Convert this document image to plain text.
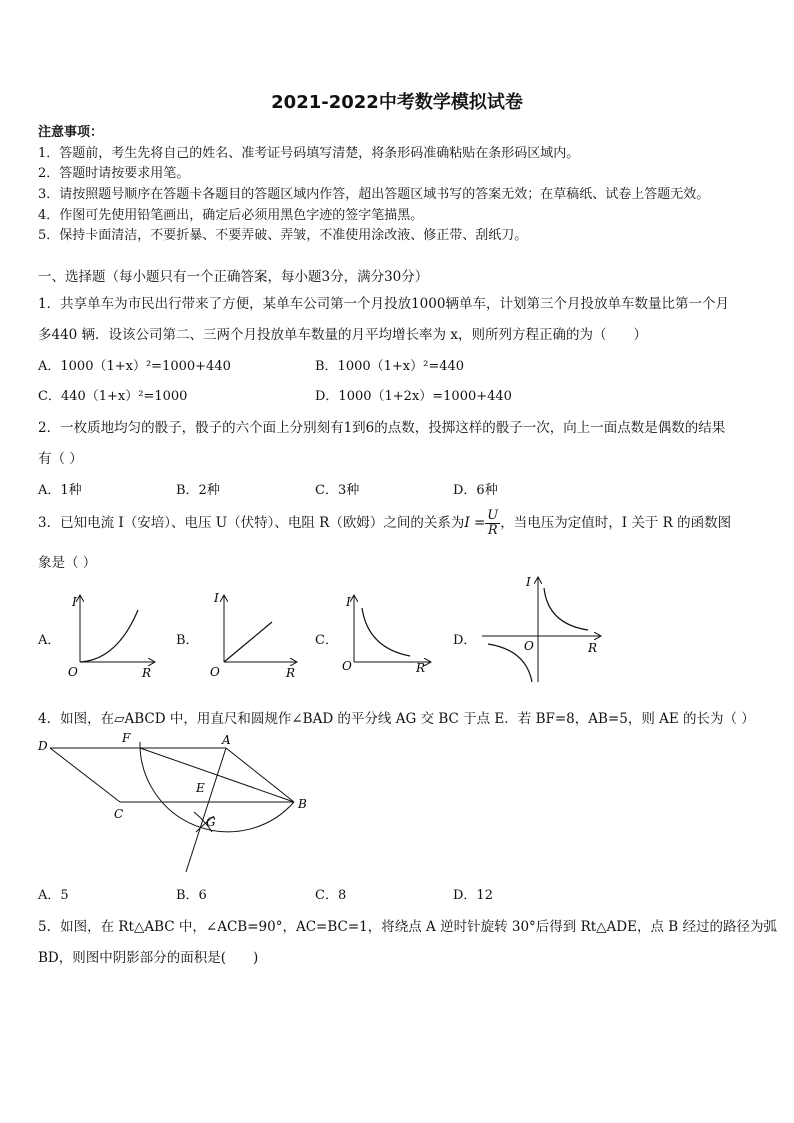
2021-2022中考数学模拟试卷
注意事项：
1．答题前，考生先将自己的姓名、准考证号码填写清楚，将条形码准确粘贴在条形码区域内。
2．答题时请按要求用笔。
3．请按照题号顺序在答题卡各题目的答题区域内作答，超出答题区域书写的答案无效；在草稿纸、试卷上答题无效。
4．作图可先使用铅笔画出，确定后必须用黑色字迹的签字笔描黑。
5．保持卡面清洁，不要折暴、不要弄破、弄皱，不准使用涂改液、修正带、刮纸刀。
一、选择题（每小题只有一个正确答案，每小题3分，满分30分）
1．共享单车为市民出行带来了方便，某单车公司第一个月投放1000辆单车，计划第三个月投放单车数量比第一个月
多440 辆．设该公司第二、三两个月投放单车数量的月平均增长率为 x，则所列方程正确的为（　　）
A．1000（1+x）²=1000+440	B．1000（1+x）²=440
C．440（1+x）²=1000	D．1000（1+2x）=1000+440
2．一枚质地均匀的骰子，骰子的六个面上分别刻有1到6的点数，投掷这样的骰子一次，向上一面点数是偶数的结果
有（ ）
A．1种	B．2种	C．3种	D．6种
3．已知电流 I（安培）、电压 U（伏特）、电阻 R（欧姆）之间的关系为$I = \frac{U}{R}$ ，当电压为定值时，I 关于 R 的函数图
象是（ ）
A．	B．	C．	D．
I
R
O
I
R
O
I
R
O
I
R
O
4．如图，在▱ABCD 中，用直尺和圆规作∠BAD 的平分线 AG 交 BC 于点 E．若 BF=8，AB=5，则 AE 的长为（ ）
D
F	A
E
C
B
G
A．5	B．6	C．8	D．12
5．如图，在 Rt△ABC 中，∠ACB=90°，AC=BC=1，将绕点 A 逆时针旋转 30°后得到 Rt△ADE，点 B 经过的路径为弧
BD，则图中阴影部分的面积是(　　)
